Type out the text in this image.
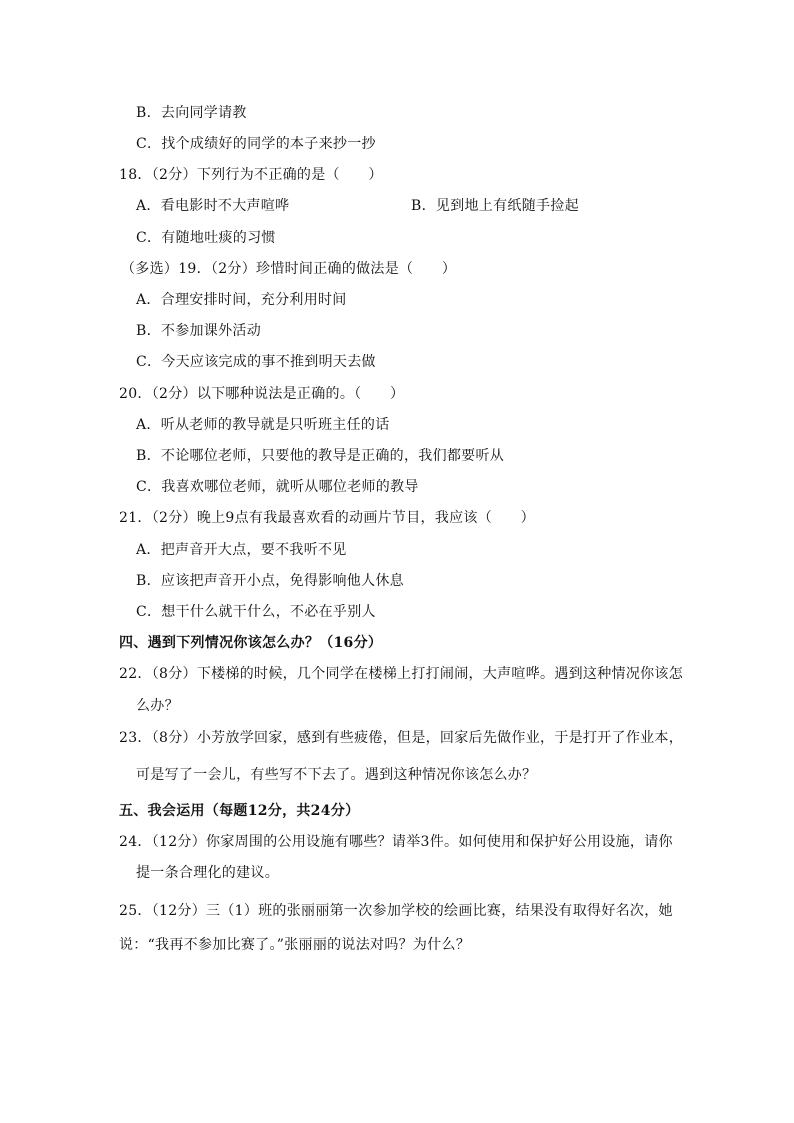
B．去向同学请教
C．找个成绩好的同学的本子来抄一抄
18．（2分）下列行为不正确的是（　　）
A．看电影时不大声喧哗	B．见到地上有纸随手捡起
C．有随地吐痰的习惯
（多选）19．（2分）珍惜时间正确的做法是（　　）
A．合理安排时间，充分利用时间
B．不参加课外活动
C．今天应该完成的事不推到明天去做
20．（2分）以下哪种说法是正确的。（　　）
A．听从老师的教导就是只听班主任的话
B．不论哪位老师，只要他的教导是正确的，我们都要听从
C．我喜欢哪位老师，就听从哪位老师的教导
21．（2分）晚上9点有我最喜欢看的动画片节目，我应该（　　）
A．把声音开大点，要不我听不见
B．应该把声音开小点，免得影响他人休息
C．想干什么就干什么，不必在乎别人
四、遇到下列情况你该怎么办？（16分）
22．（8分）下楼梯的时候，几个同学在楼梯上打打闹闹，大声喧哗。遇到这种情况你该怎
么办？
23．（8分）小芳放学回家，感到有些疲倦，但是，回家后先做作业，于是打开了作业本，
可是写了一会儿，有些写不下去了。遇到这种情况你该怎么办？
五、我会运用（每题12分，共24分）
24．（12分）你家周围的公用设施有哪些？请举3件。如何使用和保护好公用设施，请你
提一条合理化的建议。
25．（12分）三（1）班的张丽丽第一次参加学校的绘画比赛，结果没有取得好名次，她
说：“我再不参加比赛了。”张丽丽的说法对吗？为什么？
